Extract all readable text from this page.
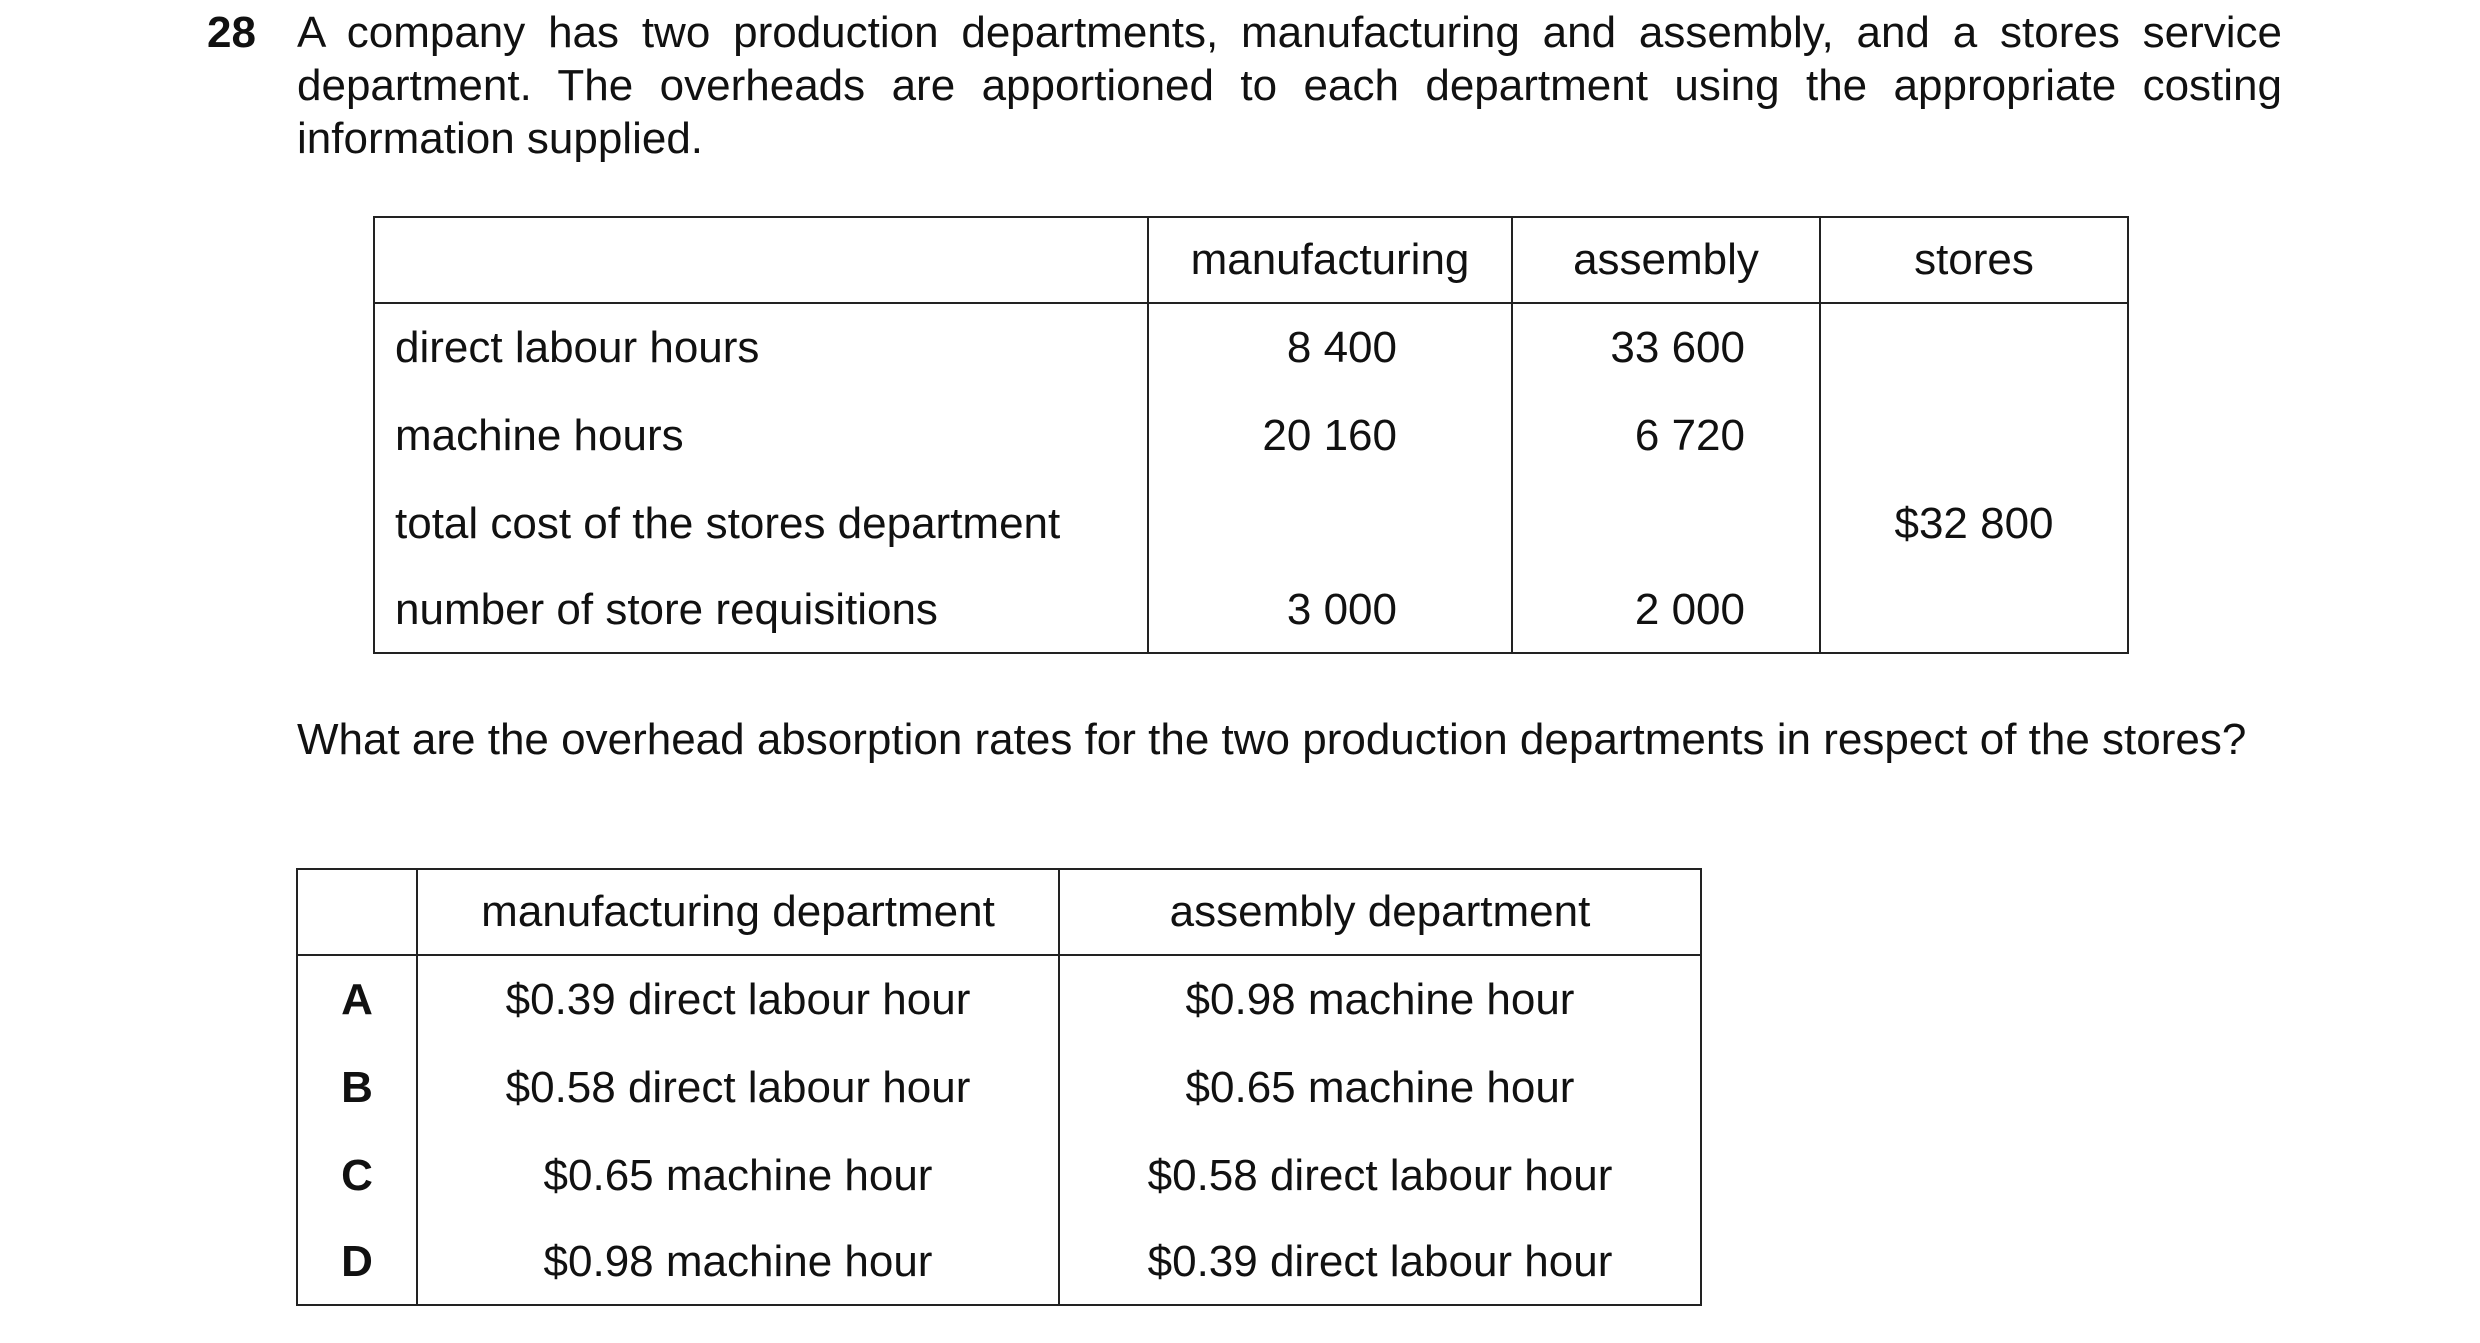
28 A company has two production departments, manufacturing and assembly, and a stores service department. The overheads are apportioned to each department using the appropriate costing information supplied.
	manufacturing	assembly	stores
direct labour hours	8 400	33 600	
machine hours	20 160	6 720	
total cost of the stores department			$32 800
number of store requisitions	3 000	2 000	
What are the overhead absorption rates for the two production departments in respect of the stores?
	manufacturing department	assembly department
A	$0.39 direct labour hour	$0.98 machine hour
B	$0.58 direct labour hour	$0.65 machine hour
C	$0.65 machine hour	$0.58 direct labour hour
D	$0.98 machine hour	$0.39 direct labour hour
